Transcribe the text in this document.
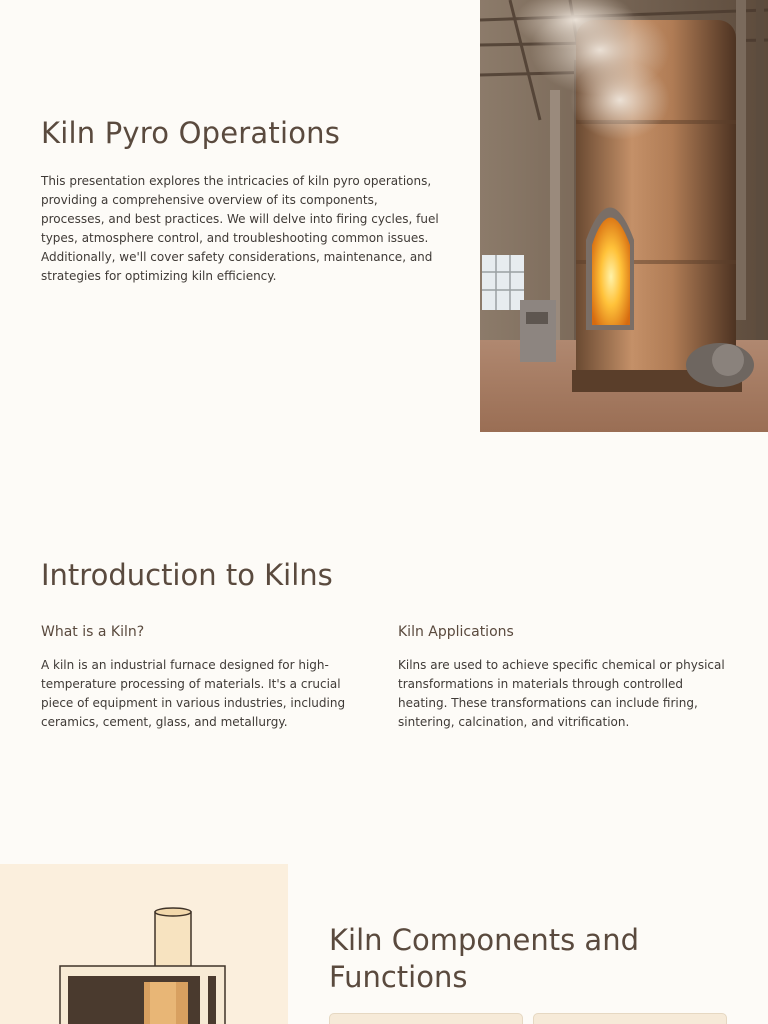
Kiln Pyro Operations

This presentation explores the intricacies of kiln pyro operations, providing a comprehensive overview of its components, processes, and best practices. We will delve into firing cycles, fuel types, atmosphere control, and troubleshooting common issues. Additionally, we'll cover safety considerations, maintenance, and strategies for optimizing kiln efficiency.

Introduction to Kilns
What is a Kiln?

A kiln is an industrial furnace designed for high-temperature processing of materials. It's a crucial piece of equipment in various industries, including ceramics, cement, glass, and metallurgy.

Kiln Applications

Kilns are used to achieve specific chemical or physical transformations in materials through controlled heating. These transformations can include firing, sintering, calcination, and vitrification.

Kiln Components and Functions
